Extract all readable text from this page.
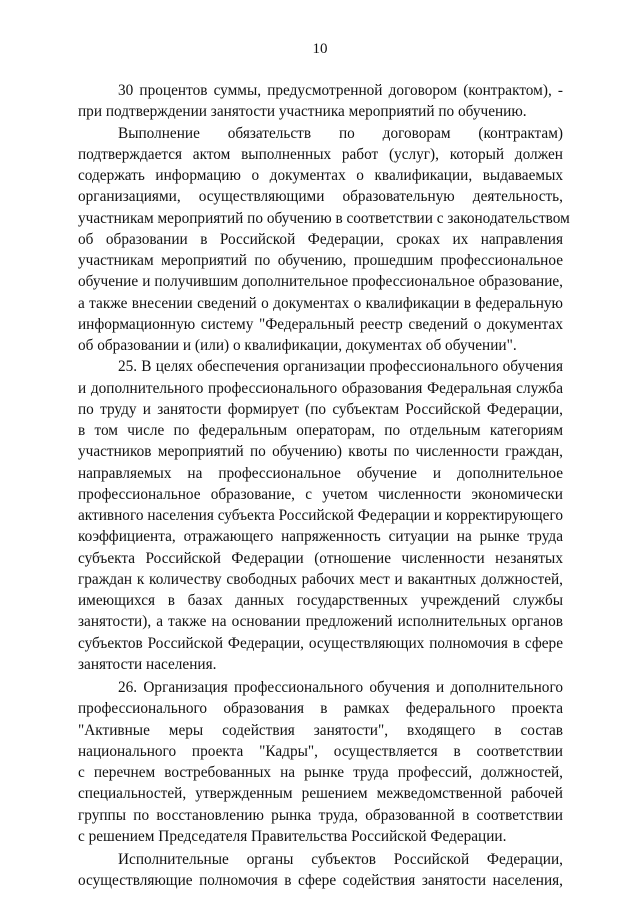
10
30 процентов суммы, предусмотренной договором (контрактом), -
при подтверждении занятости участника мероприятий по обучению.
Выполнение обязательств по договорам (контрактам)
подтверждается актом выполненных работ (услуг), который должен
содержать информацию о документах о квалификации, выдаваемых
организациями, осуществляющими образовательную деятельность,
участникам мероприятий по обучению в соответствии с законодательством
об образовании в Российской Федерации, сроках их направления
участникам мероприятий по обучению, прошедшим профессиональное
обучение и получившим дополнительное профессиональное образование,
а также внесении сведений о документах о квалификации в федеральную
информационную систему "Федеральный реестр сведений о документах
об образовании и (или) о квалификации, документах об обучении".
25. В целях обеспечения организации профессионального обучения
и дополнительного профессионального образования Федеральная служба
по труду и занятости формирует (по субъектам Российской Федерации,
в том числе по федеральным операторам, по отдельным категориям
участников мероприятий по обучению) квоты по численности граждан,
направляемых на профессиональное обучение и дополнительное
профессиональное образование, с учетом численности экономически
активного населения субъекта Российской Федерации и корректирующего
коэффициента, отражающего напряженность ситуации на рынке труда
субъекта Российской Федерации (отношение численности незанятых
граждан к количеству свободных рабочих мест и вакантных должностей,
имеющихся в базах данных государственных учреждений службы
занятости), а также на основании предложений исполнительных органов
субъектов Российской Федерации, осуществляющих полномочия в сфере
занятости населения.
26. Организация профессионального обучения и дополнительного
профессионального образования в рамках федерального проекта
"Активные меры содействия занятости", входящего в состав
национального проекта "Кадры", осуществляется в соответствии
с перечнем востребованных на рынке труда профессий, должностей,
специальностей, утвержденным решением межведомственной рабочей
группы по восстановлению рынка труда, образованной в соответствии
с решением Председателя Правительства Российской Федерации.
Исполнительные органы субъектов Российской Федерации,
осуществляющие полномочия в сфере содействия занятости населения,
